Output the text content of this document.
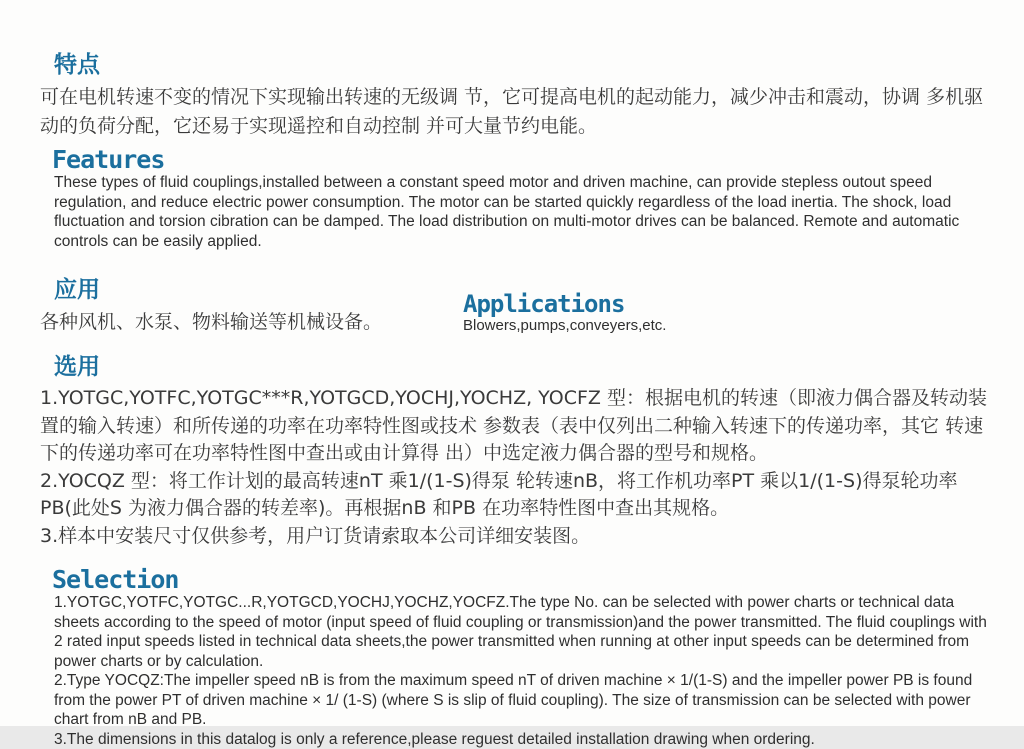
特点

可在电机转速不变的情况下实现输出转速的无级调 节，它可提高电机的起动能力，减少冲击和震动，协调 多机驱动的负荷分配，它还易于实现遥控和自动控制 并可大量节约电能。

Features

These types of fluid couplings,installed between a constant speed motor and driven machine, can provide stepless outout speed regulation, and reduce electric power consumption. The motor can be started quickly regardless of the load inertia. The shock, load fluctuation and torsion cibration can be damped. The load distribution on multi-motor drives can be balanced. Remote and automatic controls can be easily applied.

应用

各种风机、水泵、物料输送等机械设备。

Applications

Blowers,pumps,conveyers,etc.

选用

1.YOTGC,YOTFC,YOTGC***R,YOTGCD,YOCHJ,YOCHZ, YOCFZ 型：根据电机的转速（即液力偶合器及转动装置的输入转速）和所传递的功率在功率特性图或技术 参数表（表中仅列出二种输入转速下的传递功率，其它 转速下的传递功率可在功率特性图中查出或由计算得 出）中选定液力偶合器的型号和规格。

2.YOCQZ 型：将工作计划的最高转速nT 乘1/(1-S)得泵 轮转速nB，将工作机功率PT 乘以1/(1-S)得泵轮功率 PB(此处S 为液力偶合器的转差率)。再根据nB 和PB 在功率特性图中查出其规格。

3.样本中安装尺寸仅供参考，用户订货请索取本公司详细安装图。

Selection

1.YOTGC,YOTFC,YOTGC...R,YOTGCD,YOCHJ,YOCHZ,YOCFZ.The type No. can be selected with power charts or technical data sheets according to the speed of motor (input speed of fluid coupling or transmission)and the power transmitted. The fluid couplings with 2 rated input speeds listed in technical data sheets,the power transmitted when running at other input speeds can be determined from power charts or by calculation.

2.Type YOCQZ:The impeller speed nB is from the maximum speed nT of driven machine × 1/(1-S) and the impeller power PB is found from the power PT of driven machine × 1/ (1-S) (where S is slip of fluid coupling). The size of transmission can be selected with power chart from nB and PB.

3.The dimensions in this datalog is only a reference,please reguest detailed installation drawing when ordering.
